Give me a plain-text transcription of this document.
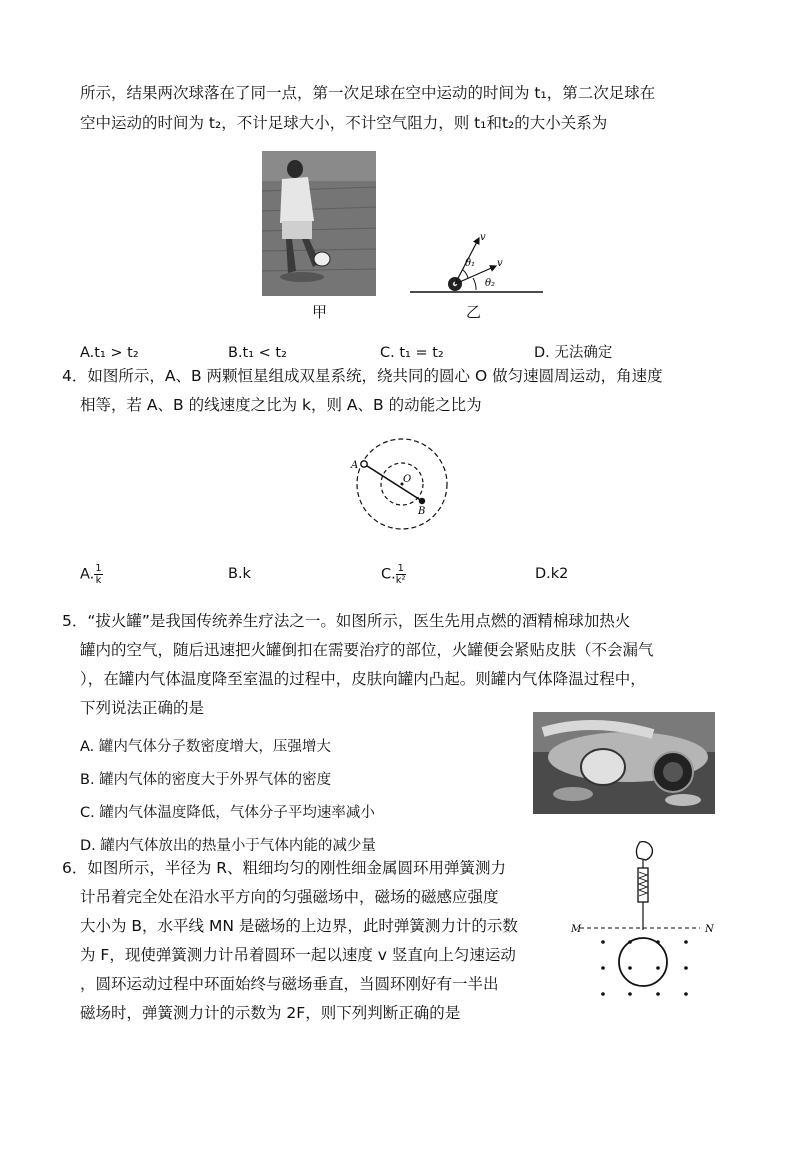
所示，结果两次球落在了同一点，第一次足球在空中运动的时间为 t₁，第二次足球在
空中运动的时间为 t₂，不计足球大小，不计空气阻力，则 t₁和t₂的大小关系为
甲
v
θ₁ v
θ₂
乙
A.t₁ > t₂	B.t₁ < t₂	C. t₁ = t₂	D. 无法确定
4．如图所示，A、B 两颗恒星组成双星系统，绕共同的圆心 O 做匀速圆周运动，角速度
相等，若 A、B 的线速度之比为 k，则 A、B 的动能之比为
A
O
B
A. $\frac{1}{k}$	B.k	C. $\frac{1}{\text{k²}}$	D.k2
5．“拔火罐”是我国传统养生疗法之一。如图所示，医生先用点燃的酒精棉球加热火
罐内的空气，随后迅速把火罐倒扣在需要治疗的部位，火罐便会紧贴皮肤（不会漏气
），在罐内气体温度降至室温的过程中，皮肤向罐内凸起。则罐内气体降温过程中，
下列说法正确的是
A. 罐内气体分子数密度增大，压强增大
B. 罐内气体的密度大于外界气体的密度
C. 罐内气体温度降低，气体分子平均速率减小
D. 罐内气体放出的热量小于气体内能的减少量
6．如图所示，半径为 R、粗细均匀的刚性细金属圆环用弹簧测力
计吊着完全处在沿水平方向的匀强磁场中，磁场的磁感应强度
大小为 B，水平线 MN 是磁场的上边界，此时弹簧测力计的示数
为 F，现使弹簧测力计吊着圆环一起以速度 v 竖直向上匀速运动
，圆环运动过程中环面始终与磁场垂直，当圆环刚好有一半出
磁场时，弹簧测力计的示数为 2F，则下列判断正确的是
M	N
